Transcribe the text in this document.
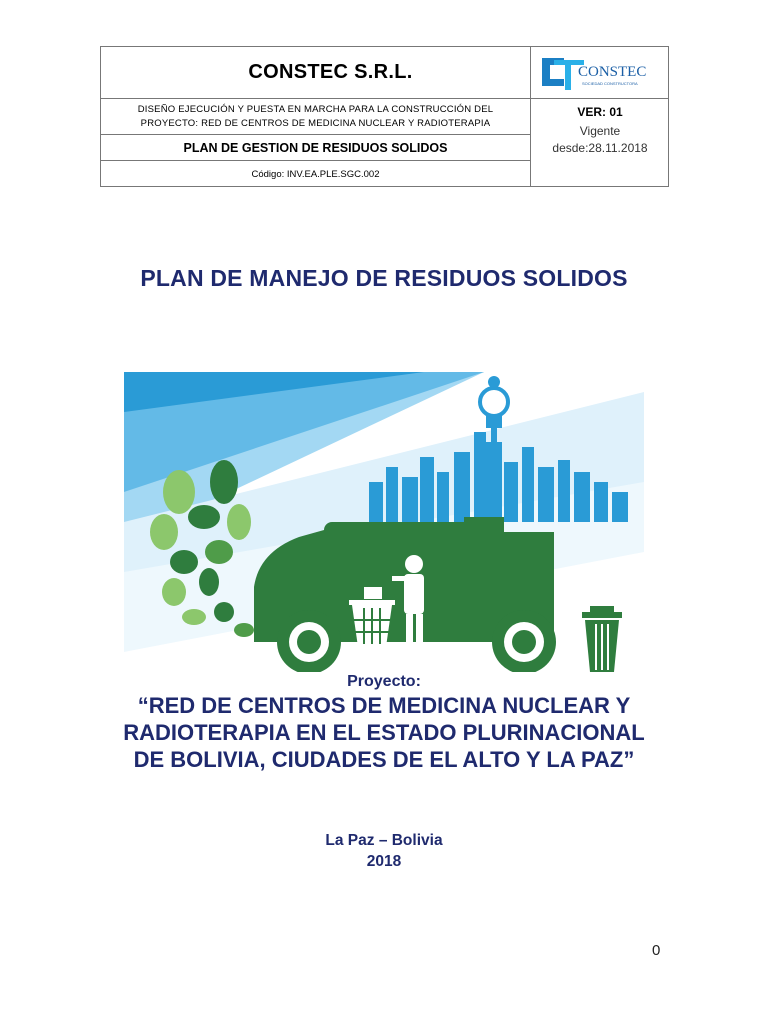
CONSTEC S.R.L.	CONSTEC
SOCIEDAD CONSTRUCTORA
DISEÑO EJECUCIÓN Y PUESTA EN MARCHA PARA LA CONSTRUCCIÓN DEL
PROYECTO: RED DE CENTROS DE MEDICINA NUCLEAR Y RADIOTERAPIA
PLAN DE GESTION DE RESIDUOS SOLIDOS
Código: INV.EA.PLE.SGC.002
VER: 01
Vigente
desde:28.11.2018
PLAN DE MANEJO DE RESIDUOS SOLIDOS
Proyecto:
“RED DE CENTROS DE MEDICINA NUCLEAR Y
RADIOTERAPIA EN EL ESTADO PLURINACIONAL
DE BOLIVIA, CIUDADES DE EL ALTO Y LA PAZ”
La Paz – Bolivia
2018
0
